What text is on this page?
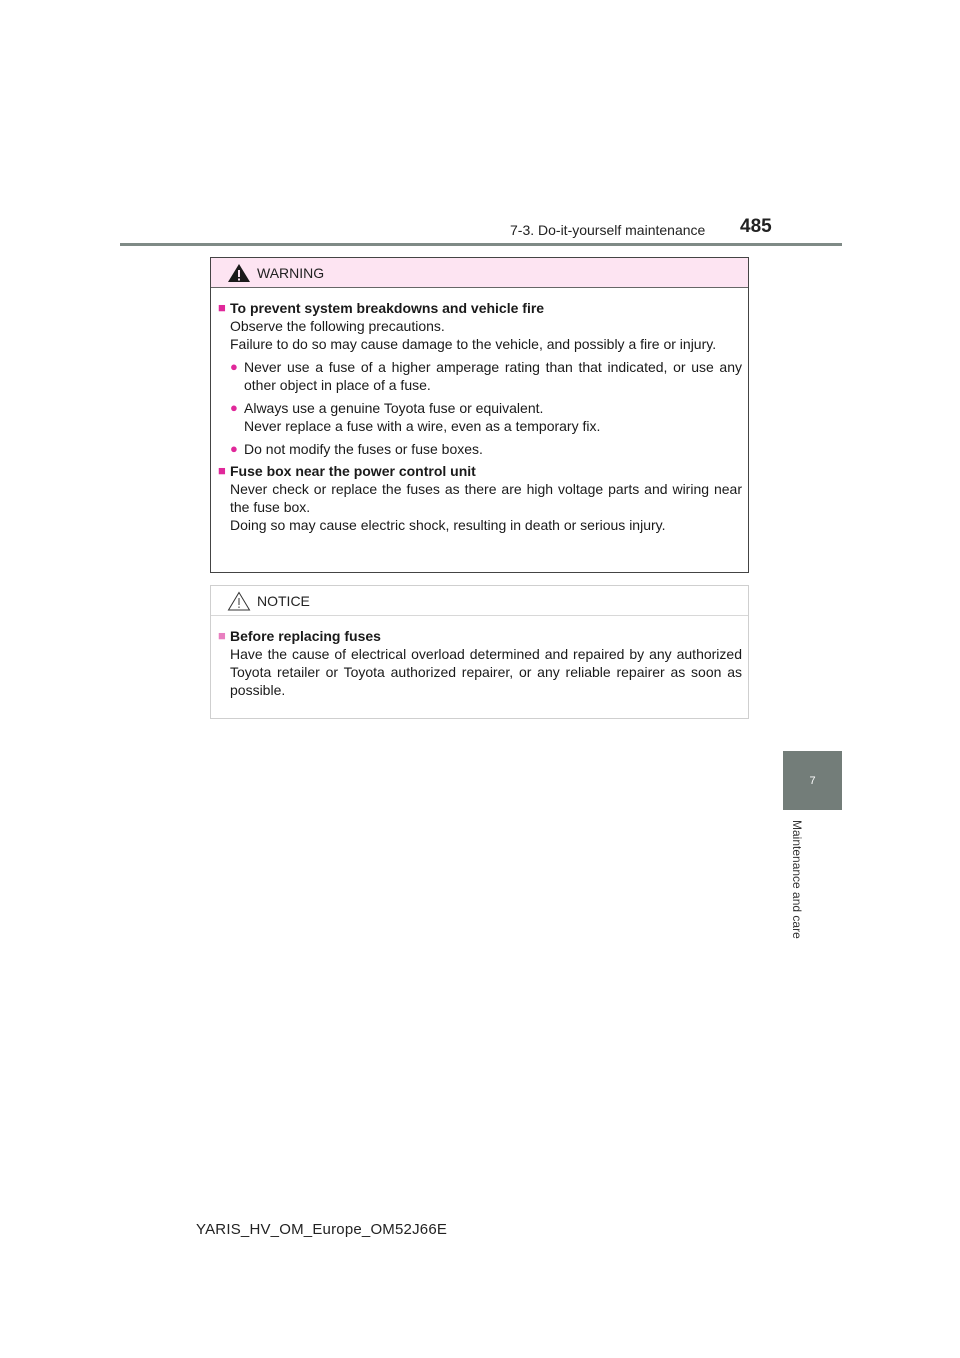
7-3. Do-it-yourself maintenance 485
7
Maintenance and care
WARNING
■ To prevent system breakdowns and vehicle fire
Observe the following precautions.
Failure to do so may cause damage to the vehicle, and possibly a fire or injury.
● Never use a fuse of a higher amperage rating than that indicated, or use any other object in place of a fuse.
● Always use a genuine Toyota fuse or equivalent.
Never replace a fuse with a wire, even as a temporary fix.
● Do not modify the fuses or fuse boxes.
■ Fuse box near the power control unit
Never check or replace the fuses as there are high voltage parts and wiring near the fuse box.
Doing so may cause electric shock, resulting in death or serious injury.
NOTICE
■ Before replacing fuses
Have the cause of electrical overload determined and repaired by any authorized Toyota retailer or Toyota authorized repairer, or any reliable repairer as soon as possible.
YARIS_HV_OM_Europe_OM52J66E
